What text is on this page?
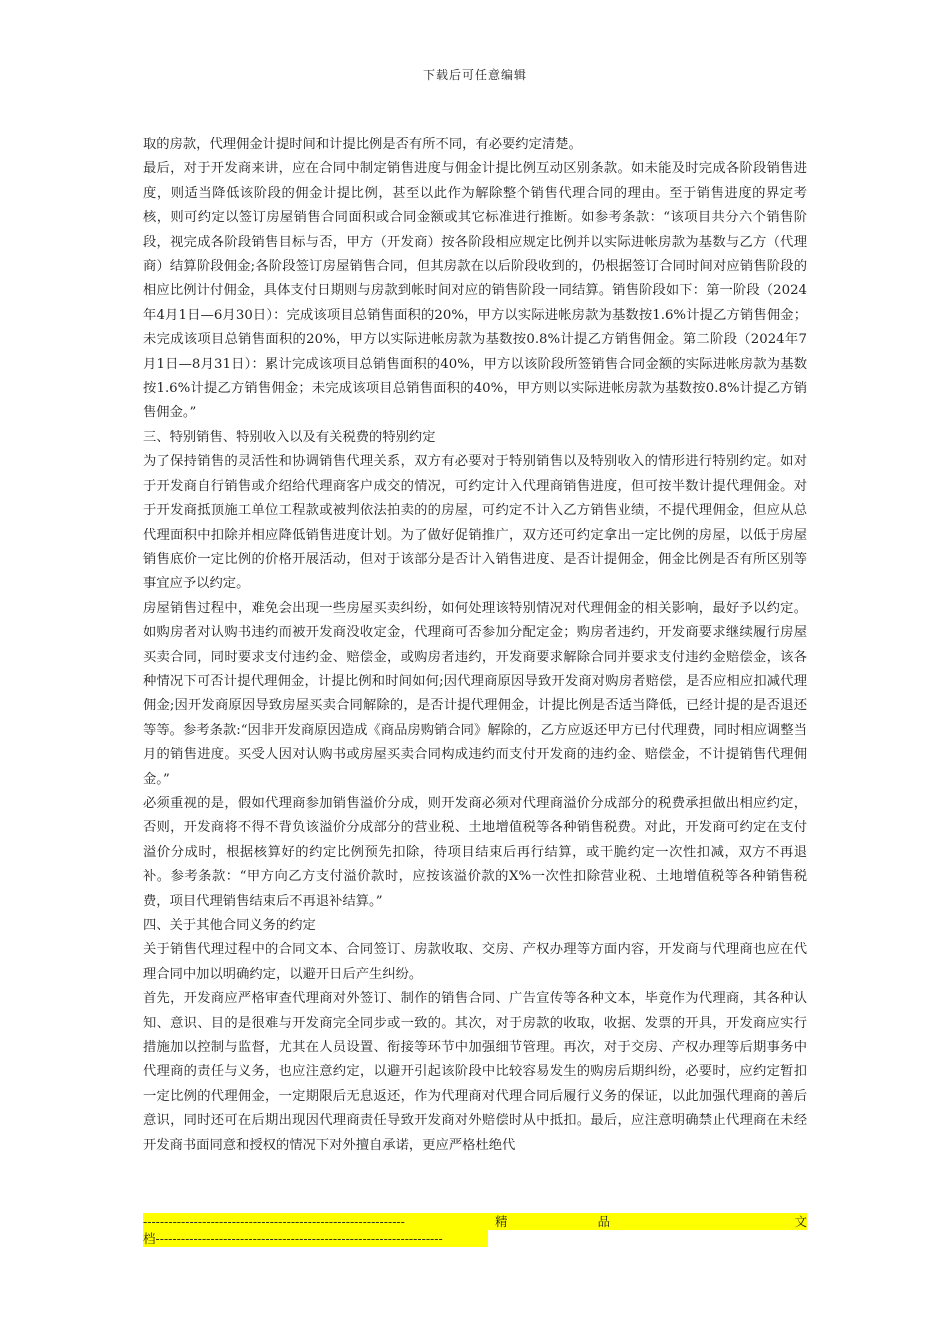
下载后可任意编辑

取的房款，代理佣金计提时间和计提比例是否有所不同，有必要约定清楚。

最后，对于开发商来讲，应在合同中制定销售进度与佣金计提比例互动区别条款。如未能及时完成各阶段销售进度，则适当降低该阶段的佣金计提比例，甚至以此作为解除整个销售代理合同的理由。至于销售进度的界定考核，则可约定以签订房屋销售合同面积或合同金额或其它标准进行推断。如参考条款：“该项目共分六个销售阶段，视完成各阶段销售目标与否，甲方（开发商）按各阶段相应规定比例并以实际进帐房款为基数与乙方（代理商）结算阶段佣金;各阶段签订房屋销售合同，但其房款在以后阶段收到的，仍根据签订合同时间对应销售阶段的相应比例计付佣金，具体支付日期则与房款到帐时间对应的销售阶段一同结算。销售阶段如下：第一阶段（2024年4月1日—6月30日）：完成该项目总销售面积的20%，甲方以实际进帐房款为基数按1.6%计提乙方销售佣金；未完成该项目总销售面积的20%，甲方以实际进帐房款为基数按0.8%计提乙方销售佣金。第二阶段（2024年7月1日—8月31日）：累计完成该项目总销售面积的40%，甲方以该阶段所签销售合同金额的实际进帐房款为基数按1.6%计提乙方销售佣金；未完成该项目总销售面积的40%，甲方则以实际进帐房款为基数按0.8%计提乙方销售佣金。”

三、特别销售、特别收入以及有关税费的特别约定

为了保持销售的灵活性和协调销售代理关系，双方有必要对于特别销售以及特别收入的情形进行特别约定。如对于开发商自行销售或介绍给代理商客户成交的情况，可约定计入代理商销售进度，但可按半数计提代理佣金。对于开发商抵顶施工单位工程款或被判依法拍卖的的房屋，可约定不计入乙方销售业绩，不提代理佣金，但应从总代理面积中扣除并相应降低销售进度计划。为了做好促销推广，双方还可约定拿出一定比例的房屋，以低于房屋销售底价一定比例的价格开展活动，但对于该部分是否计入销售进度、是否计提佣金，佣金比例是否有所区别等事宜应予以约定。

房屋销售过程中，难免会出现一些房屋买卖纠纷，如何处理该特别情况对代理佣金的相关影响，最好予以约定。如购房者对认购书违约而被开发商没收定金，代理商可否参加分配定金；购房者违约，开发商要求继续履行房屋买卖合同，同时要求支付违约金、赔偿金，或购房者违约，开发商要求解除合同并要求支付违约金赔偿金，该各种情况下可否计提代理佣金，计提比例和时间如何;因代理商原因导致开发商对购房者赔偿，是否应相应扣减代理佣金;因开发商原因导致房屋买卖合同解除的，是否计提代理佣金，计提比例是否适当降低，已经计提的是否退还等等。参考条款:“因非开发商原因造成《商品房购销合同》解除的，乙方应返还甲方已付代理费，同时相应调整当月的销售进度。买受人因对认购书或房屋买卖合同构成违约而支付开发商的违约金、赔偿金，不计提销售代理佣金。”

必须重视的是，假如代理商参加销售溢价分成，则开发商必须对代理商溢价分成部分的税费承担做出相应约定，否则，开发商将不得不背负该溢价分成部分的营业税、土地增值税等各种销售税费。对此，开发商可约定在支付溢价分成时，根据核算好的约定比例预先扣除，待项目结束后再行结算，或干脆约定一次性扣减，双方不再退补。参考条款：“甲方向乙方支付溢价款时，应按该溢价款的X%一次性扣除营业税、土地增值税等各种销售税费，项目代理销售结束后不再退补结算。”

四、关于其他合同义务的约定

关于销售代理过程中的合同文本、合同签订、房款收取、交房、产权办理等方面内容，开发商与代理商也应在代理合同中加以明确约定，以避开日后产生纠纷。

首先，开发商应严格审查代理商对外签订、制作的销售合同、广告宣传等各种文本，毕竟作为代理商，其各种认知、意识、目的是很难与开发商完全同步或一致的。其次，对于房款的收取，收据、发票的开具，开发商应实行措施加以控制与监督，尤其在人员设置、衔接等环节中加强细节管理。再次，对于交房、产权办理等后期事务中代理商的责任与义务，也应注意约定，以避开引起该阶段中比较容易发生的购房后期纠纷，必要时，应约定暂扣一定比例的代理佣金，一定期限后无息返还，作为代理商对代理合同后履行义务的保证，以此加强代理商的善后意识，同时还可在后期出现因代理商责任导致开发商对外赔偿时从中抵扣。最后，应注意明确禁止代理商在未经开发商书面同意和授权的情况下对外擅自承诺，更应严格杜绝代

--------------------------------------------------------------	精	品
	文
档--------------------------------------------------------------------
